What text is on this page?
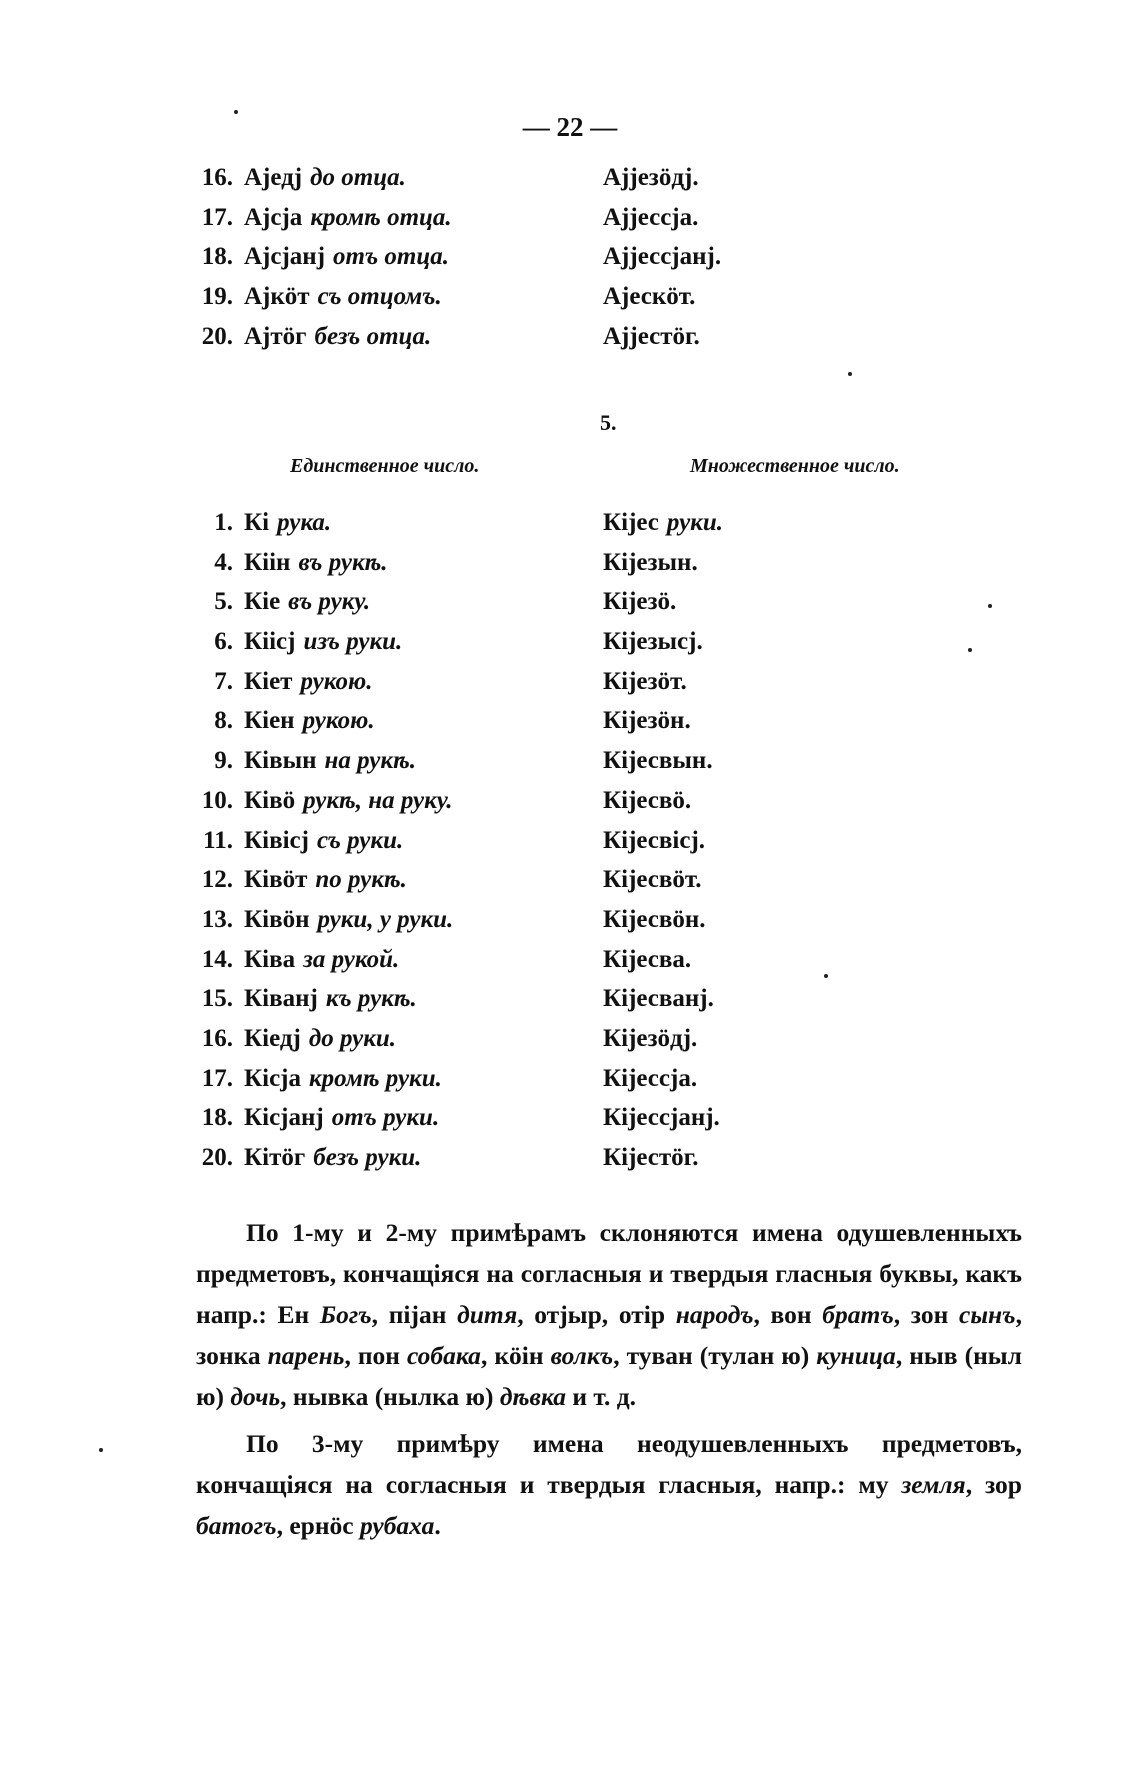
— 22 —
16. Аjедj до отца.	Аjjезöдj.
17. Аjсjа кромѣ отца.	Аjjессjа.
18. Аjсjанj отъ отца.	Аjjессjанj.
19. Аjкöт съ отцомъ.	Аjескöт.
20. Аjтöг безъ отца.	Аjjестöг.
5.
Единственное число.	Множественное число.
1. Кі рука.	Кijес руки.
4. Кiiн въ рукѣ.	Кijезын.
5. Кiе въ руку.	Кijезö.
6. Кiiсj изъ руки.	Кijезысj.
7. Кiет рукою.	Кijезöт.
8. Кiен рукою.	Кijезöн.
9. Кiвын на рукѣ.	Кijесвын.
10. Кiвö рукѣ, на руку.	Кijесвö.
11. Кiвiсj съ руки.	Кijесвiсj.
12. Кiвöт по рукѣ.	Кijесвöт.
13. Кiвöн руки, у руки.	Кijесвöн.
14. Кiва за рукой.	Кijесва.
15. Кiванj къ рукѣ.	Кijесванj.
16. Кiедj до руки.	Кijезöдj.
17. Кiсjа кромѣ руки.	Кijессjа.
18. Кiсjанj отъ руки.	Кijессjанj.
20. Кiтöг безъ руки.	Кijестöг.

По 1-му и 2-му примѣрамъ склоняются имена одушевленныхъ предметовъ, кончащіяся на согласныя и твердыя гласныя буквы, какъ напр.: Ен Богъ, пiјан дитя, отjыр, отiр народъ, вон братъ, зон сынъ, зонка парень, пон собака, кöiн волкъ, туван (тулан ю) куница, ныв (ныл ю) дочь, нывка (нылка ю) дѣвка и т. д.

По 3-му примѣру имена неодушевленныхъ предметовъ, кончащіяся на согласныя и твердыя гласныя, напр.: му земля, зор батогъ, ернöс рубаха.
